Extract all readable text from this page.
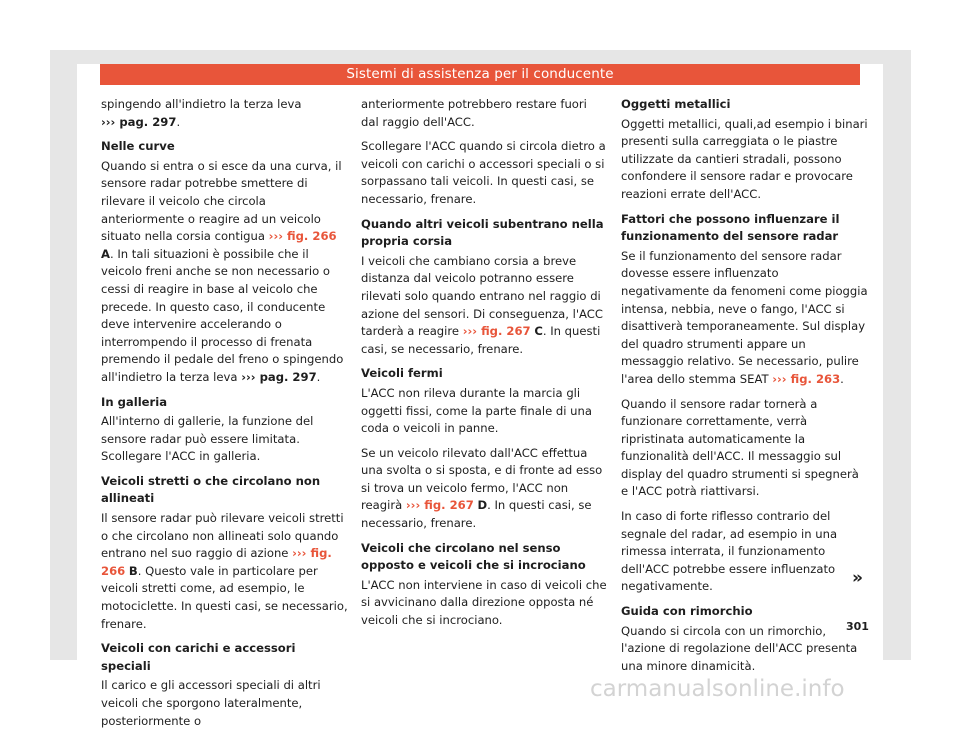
Sistemi di assistenza per il conducente

spingendo all'indietro la terza leva
››› pag. 297.

Nelle curve

Quando si entra o si esce da una curva, il sensore radar potrebbe smettere di rilevare il veicolo che circola anteriormente o reagire ad un veicolo situato nella corsia contigua ››› fig. 266 A. In tali situazioni è possibile che il veicolo freni anche se non necessario o cessi di reagire in base al veicolo che precede. In questo caso, il conducente deve intervenire accelerando o interrompendo il processo di frenata premendo il pedale del freno o spingendo all'indietro la terza leva ››› pag. 297.

In galleria

All'interno di gallerie, la funzione del sensore radar può essere limitata. Scollegare l'ACC in galleria.

Veicoli stretti o che circolano non allineati

Il sensore radar può rilevare veicoli stretti o che circolano non allineati solo quando entrano nel suo raggio di azione ››› fig. 266 B. Questo vale in particolare per veicoli stretti come, ad esempio, le motociclette. In questi casi, se necessario, frenare.

Veicoli con carichi e accessori speciali

Il carico e gli accessori speciali di altri veicoli che sporgono lateralmente, posteriormente o

anteriormente potrebbero restare fuori dal raggio dell'ACC.

Scollegare l'ACC quando si circola dietro a veicoli con carichi o accessori speciali o si sorpassano tali veicoli. In questi casi, se necessario, frenare.

Quando altri veicoli subentrano nella propria corsia

I veicoli che cambiano corsia a breve distanza dal veicolo potranno essere rilevati solo quando entrano nel raggio di azione del sensori. Di conseguenza, l'ACC tarderà a reagire ››› fig. 267 C. In questi casi, se necessario, frenare.

Veicoli fermi

L'ACC non rileva durante la marcia gli oggetti fissi, come la parte finale di una coda o veicoli in panne.

Se un veicolo rilevato dall'ACC effettua una svolta o si sposta, e di fronte ad esso si trova un veicolo fermo, l'ACC non reagirà ››› fig. 267 D. In questi casi, se necessario, frenare.

Veicoli che circolano nel senso opposto e veicoli che si incrociano

L'ACC non interviene in caso di veicoli che si avvicinano dalla direzione opposta né veicoli che si incrociano.

Oggetti metallici

Oggetti metallici, quali,ad esempio i binari presenti sulla carreggiata o le piastre utilizzate da cantieri stradali, possono confondere il sensore radar e provocare reazioni errate dell'ACC.

Fattori che possono influenzare il funzionamento del sensore radar

Se il funzionamento del sensore radar dovesse essere influenzato negativamente da fenomeni come pioggia intensa, nebbia, neve o fango, l'ACC si disattiverà temporaneamente. Sul display del quadro strumenti appare un messaggio relativo. Se necessario, pulire l'area dello stemma SEAT ››› fig. 263.

Quando il sensore radar tornerà a funzionare correttamente, verrà ripristinata automaticamente la funzionalità dell'ACC. Il messaggio sul display del quadro strumenti si spegnerà e l'ACC potrà riattivarsi.

In caso di forte riflesso contrario del segnale del radar, ad esempio in una rimessa interrata, il funzionamento dell'ACC potrebbe essere influenzato negativamente.

Guida con rimorchio

Quando si circola con un rimorchio, l'azione di regolazione dell'ACC presenta una minore dinamicità.

»
301
carmanualsonline.info
